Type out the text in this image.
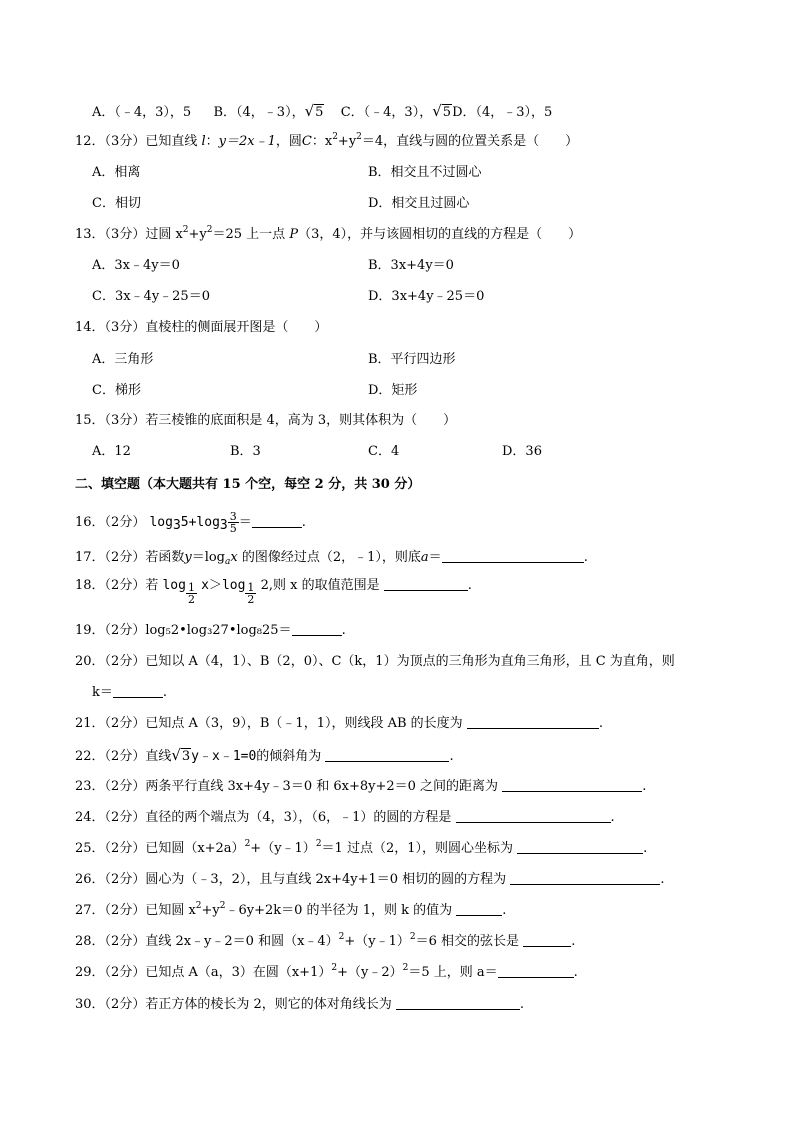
A．（﹣4，3），5 B．（4，﹣3），√5 C．（﹣4，3），√5D．（4，﹣3），5
12．（3分）已知直线 l：y＝2x﹣1，圆C：$x^2+y^2=4$，直线与圆的位置关系是（　　）
A．相离	B．相交且不过圆心
C．相切	D．相交且过圆心
13．（3分）过圆 $x^2+y^2=25$ 上一点 P（3，4），并与该圆相切的直线的方程是（　　）
A．3x﹣4y＝0	B．3x+4y＝0
C．3x﹣4y﹣25＝0	D．3x+4y﹣25＝0
14．（3分）直棱柱的侧面展开图是（　　）
A．三角形	B．平行四边形
C．梯形	D．矩形
15．（3分）若三棱锥的底面积是 4，高为 3，则其体积为（　　）
A．12	B．3	C．4	D．36
二、填空题（本大题共有 15 个空，每空 2 分，共 30 分）
16．（2分） $\log_35+\log_3 \frac{3}{5}$ ＝	.
17．（2分）若函数$y=\log_ax$ 的图像经过点（2，﹣1），则底a＝	.
18．（2分）若 $\log \frac{1}{2} x>\log \frac{1}{2} 2$,则 x 的取值范围是	.
19．（2分）log₅2•log₃27•log₈25＝	.
20．（2分）已知以 A（4，1）、B（2，0）、C（k，1）为顶点的三角形为直角三角形，且 C 为直角，则
k＝	.
21．（2分）已知点 A（3，9），B（﹣1，1），则线段 AB 的长度为	.
22．（2分）直线√3y﹣x﹣1=0的倾斜角为	.
23．（2分）两条平行直线 3x+4y﹣3＝0 和 6x+8y+2＝0 之间的距离为	.
24．（2分）直径的两个端点为（4，3），（6，﹣1）的圆的方程是	.
25．（2分）已知圆$(x+2a)^2+(y﹣1)^2=1$ 过点（2，1），则圆心坐标为	.
26．（2分）圆心为（﹣3，2），且与直线 2x+4y+1＝0 相切的圆的方程为	.
27．（2分）已知圆 $x^2+y^2﹣6y+2k=0$ 的半径为 1，则 k 的值为	.
28．（2分）直线 2x﹣y﹣2＝0 和圆（x﹣4）$^2$+（y﹣1）$^2$＝6 相交的弦长是	.
29．（2分）已知点 A（a，3）在圆$(x+1)^2+(y﹣2)^2=5$ 上，则 a＝	.
30．（2分）若正方体的棱长为 2，则它的体对角线长为	.
